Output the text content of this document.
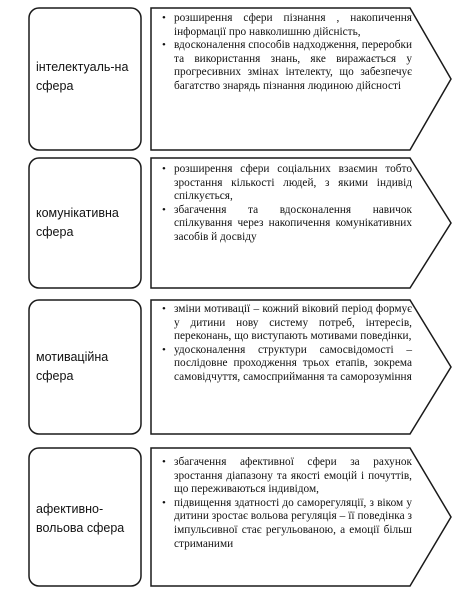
інтелектуаль-на сфера
• розширення сфери пізнання , накопичення інформації про навколишню дійсність,
• вдосконалення способів надходження, переробки та використання знань, яке виражається у прогресивних змінах інтелекту, що забезпечує багатство знарядь пізнання людиною дійсності
комунікативна сфера
• розширення сфери соціальних взаємин тобто зростання кількості людей, з якими індивід спілкується,
• збагачення та вдосконалення навичок спілкування через накопичення комунікативних засобів й досвіду
мотиваційна сфера
• зміни мотивації – кожний віковий період формує у дитини нову систему потреб, інтересів, переконань, що виступають мотивами поведінки,
• удосконалення структури самосвідомості – послідовне проходження трьох етапів, зокрема самовідчуття, самосприймання та саморозуміння
афективно-вольова сфера
• збагачення афективної сфери за рахунок зростання діапазону та якості емоцій і почуттів, що переживаються індивідом,
• підвищення здатності до саморегуляції, з віком у дитини зростає вольова регуляція – її поведінка з імпульсивної стає регульованою, а емоції більш стриманими
